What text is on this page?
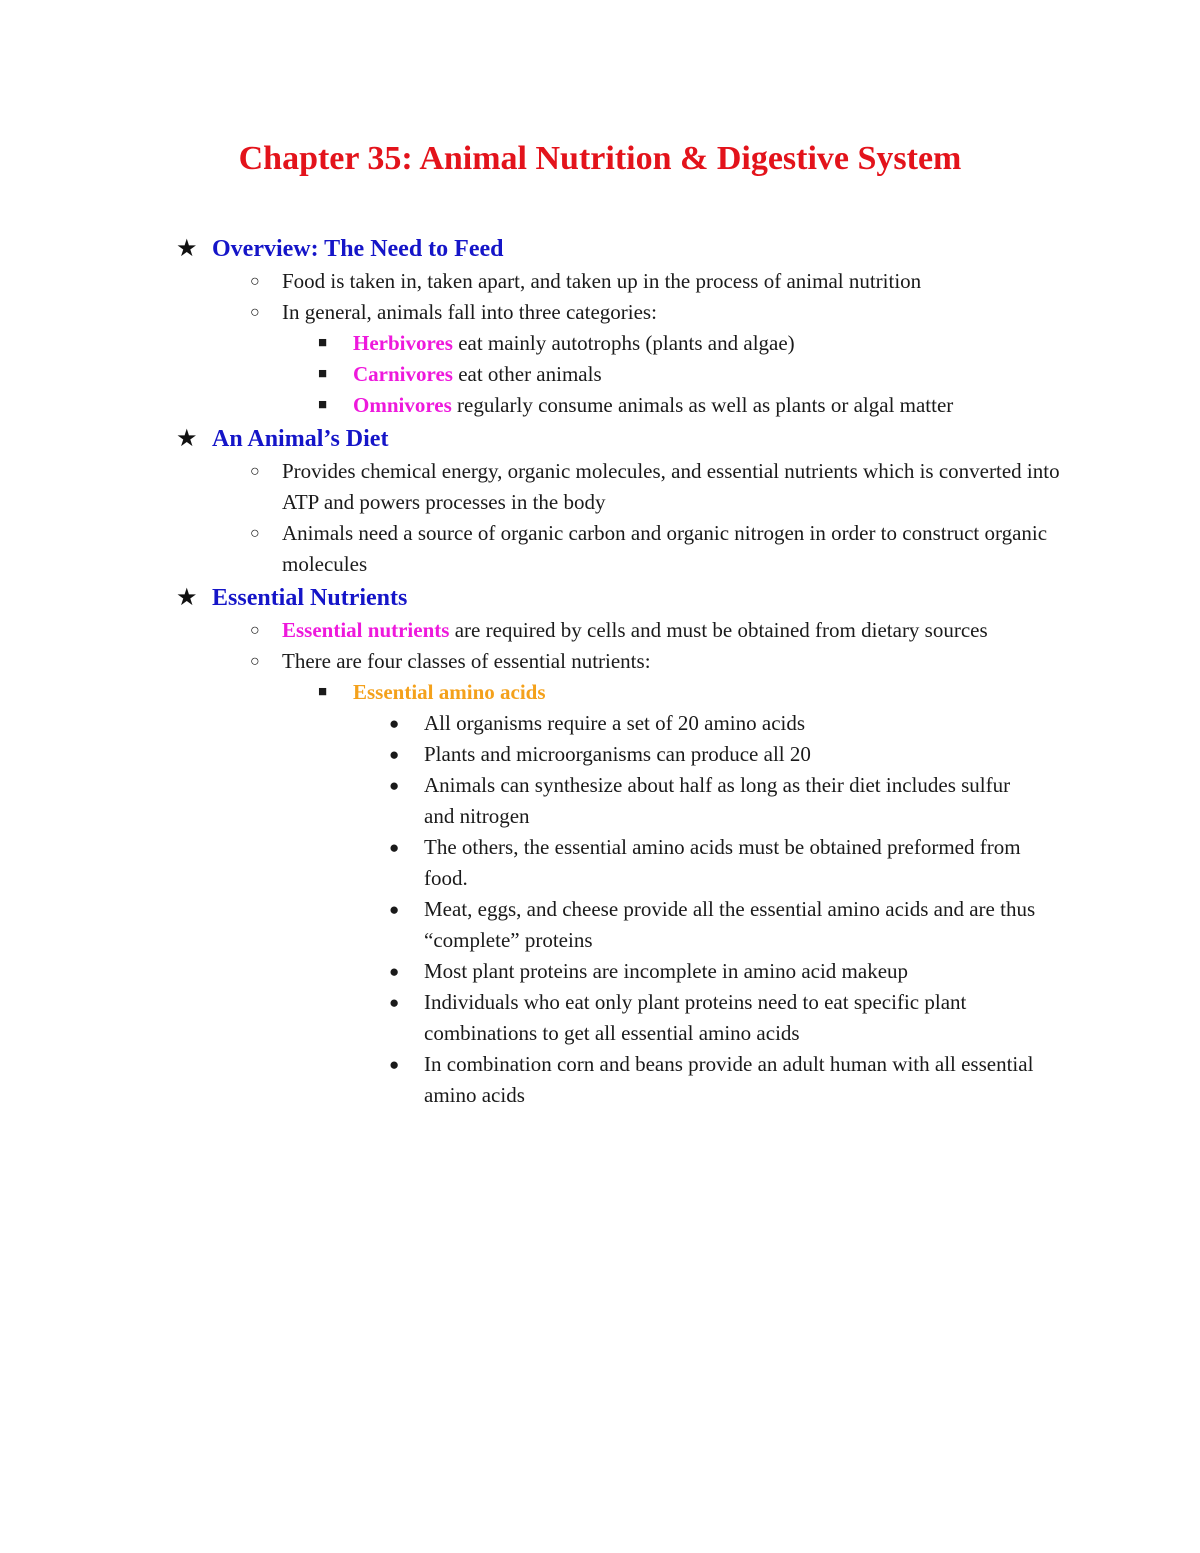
Chapter 35: Animal Nutrition & Digestive System
★ Overview: The Need to Feed
○ Food is taken in, taken apart, and taken up in the process of animal nutrition
○ In general, animals fall into three categories:
■ Herbivores eat mainly autotrophs (plants and algae)
■ Carnivores eat other animals
■ Omnivores regularly consume animals as well as plants or algal matter
★ An Animal’s Diet
○ Provides chemical energy, organic molecules, and essential nutrients which is converted into ATP and powers processes in the body
○ Animals need a source of organic carbon and organic nitrogen in order to construct organic molecules
★ Essential Nutrients
○ Essential nutrients are required by cells and must be obtained from dietary sources
○ There are four classes of essential nutrients:
■ Essential amino acids
● All organisms require a set of 20 amino acids
● Plants and microorganisms can produce all 20
● Animals can synthesize about half as long as their diet includes sulfur and nitrogen
● The others, the essential amino acids must be obtained preformed from food.
● Meat, eggs, and cheese provide all the essential amino acids and are thus “complete” proteins
● Most plant proteins are incomplete in amino acid makeup
● Individuals who eat only plant proteins need to eat specific plant combinations to get all essential amino acids
● In combination corn and beans provide an adult human with all essential amino acids
